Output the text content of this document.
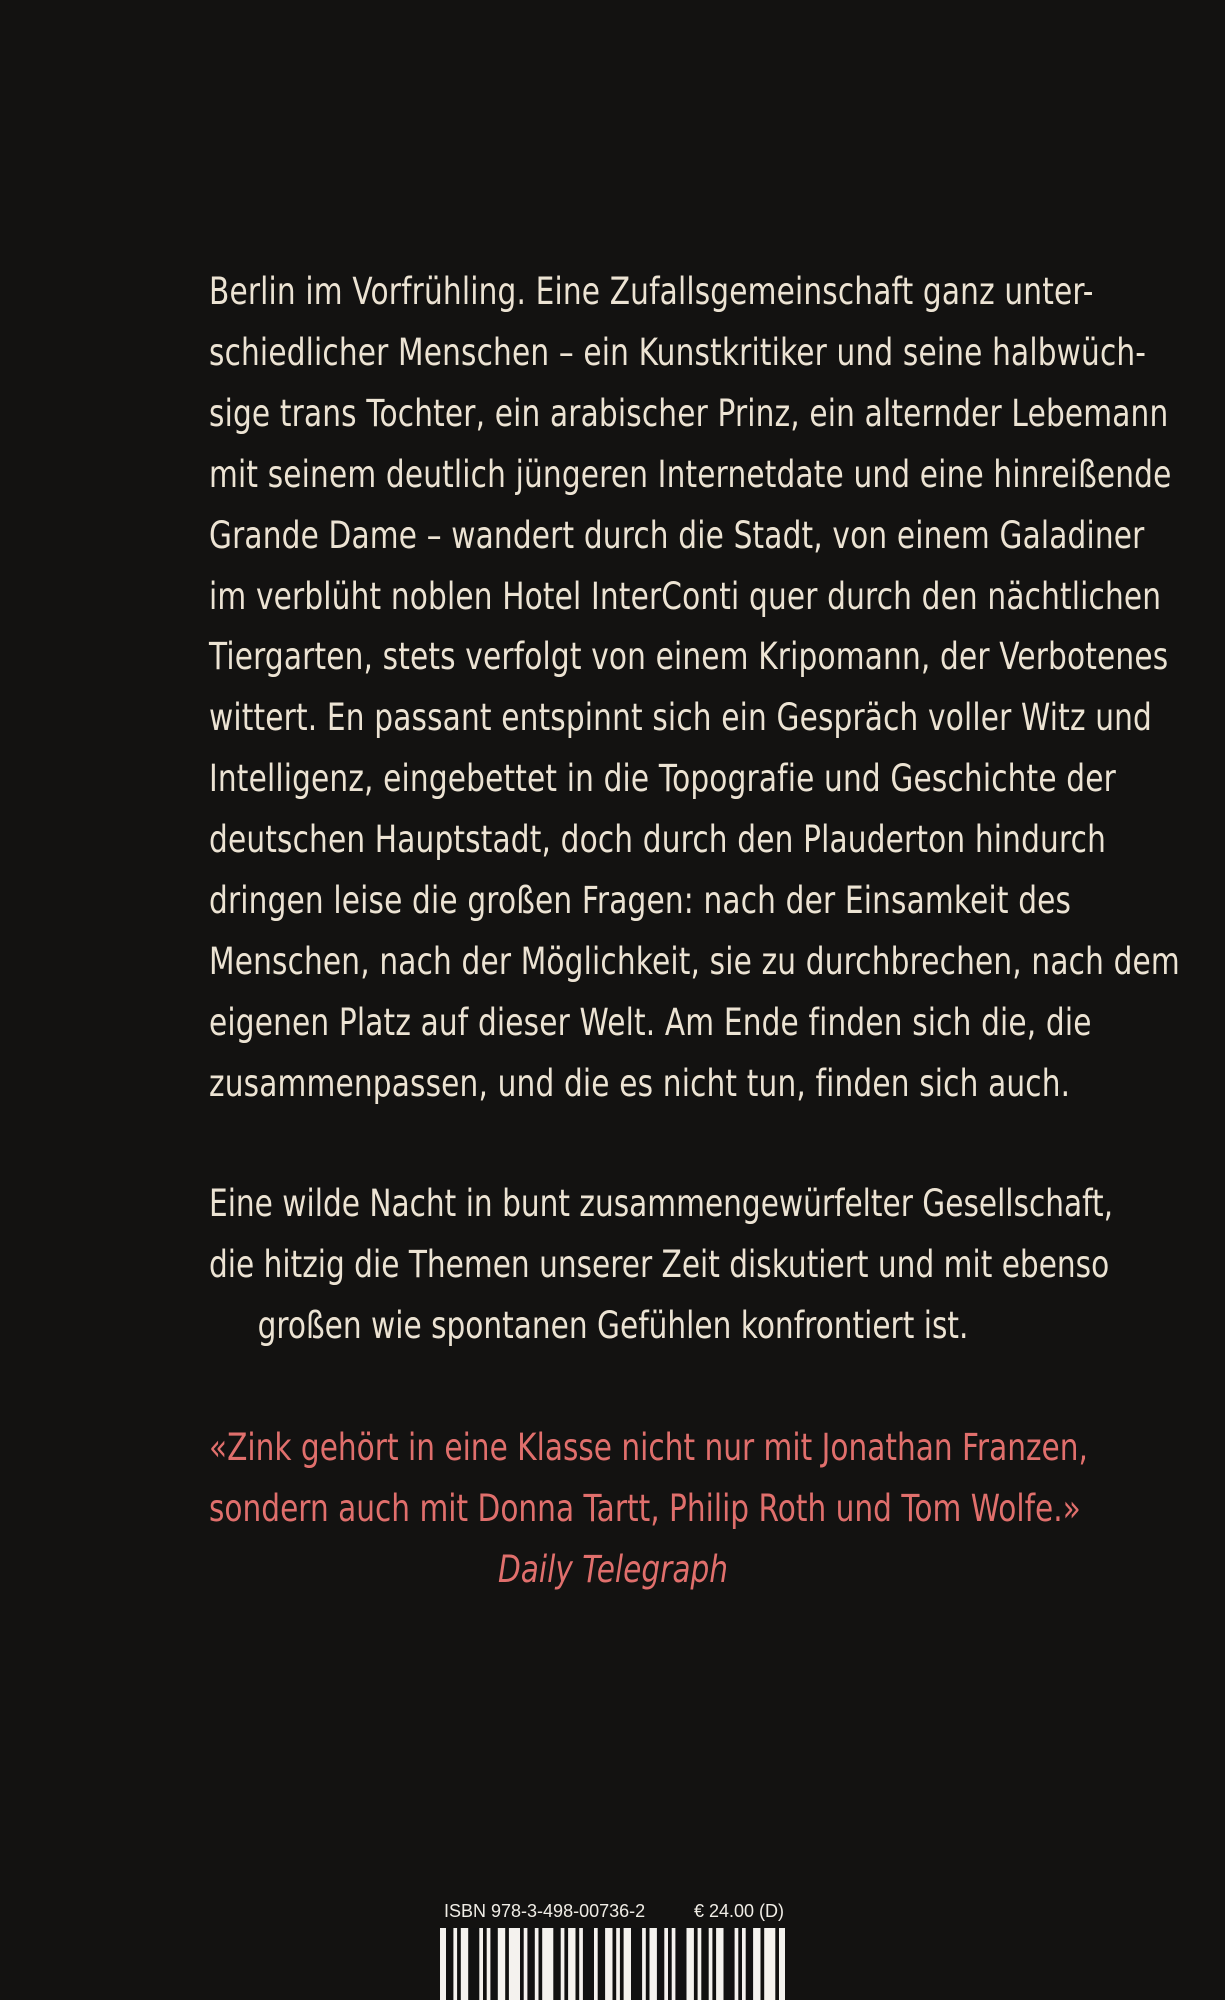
Berlin im Vorfrühling. Eine Zufallsgemeinschaft ganz unter-
schiedlicher Menschen – ein Kunstkritiker und seine halbwüch-
sige trans Tochter, ein arabischer Prinz, ein alternder Lebemann
mit seinem deutlich jüngeren Internetdate und eine hinreißende
Grande Dame – wandert durch die Stadt, von einem Galadiner
im verblüht noblen Hotel InterConti quer durch den nächtlichen
Tiergarten, stets verfolgt von einem Kripomann, der Verbotenes
wittert. En passant entspinnt sich ein Gespräch voller Witz und
Intelligenz, eingebettet in die Topografie und Geschichte der
deutschen Hauptstadt, doch durch den Plauderton hindurch
dringen leise die großen Fragen: nach der Einsamkeit des
Menschen, nach der Möglichkeit, sie zu durchbrechen, nach dem
eigenen Platz auf dieser Welt. Am Ende finden sich die, die
zusammenpassen, und die es nicht tun, finden sich auch.
Eine wilde Nacht in bunt zusammengewürfelter Gesellschaft,
die hitzig die Themen unserer Zeit diskutiert und mit ebenso
großen wie spontanen Gefühlen konfrontiert ist.
«Zink gehört in eine Klasse nicht nur mit Jonathan Franzen,
sondern auch mit Donna Tartt, Philip Roth und Tom Wolfe.»
Daily Telegraph
ISBN 978-3-498-00736-2	€ 24.00 (D)
